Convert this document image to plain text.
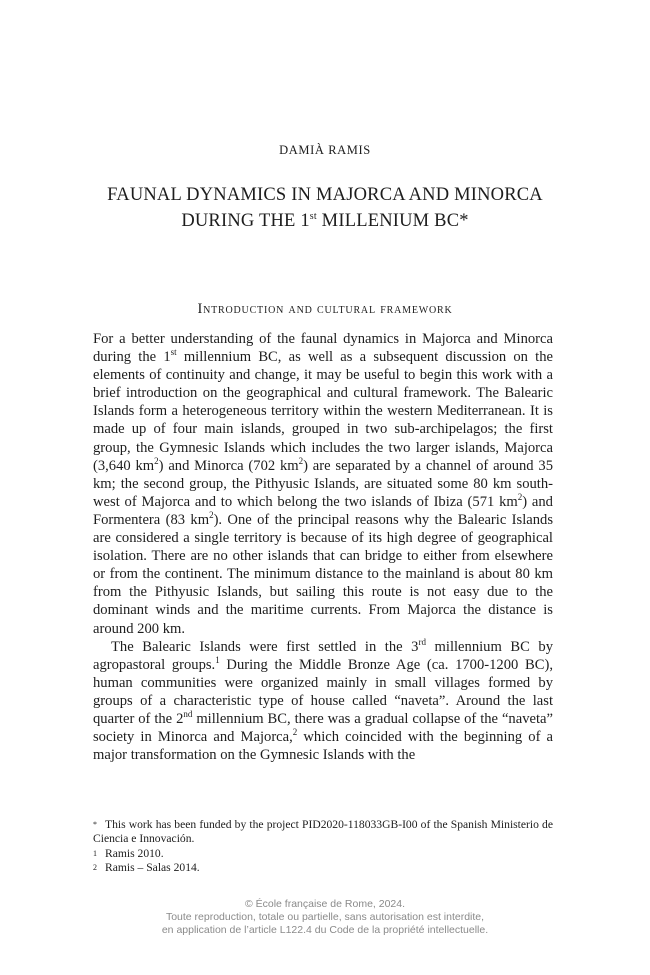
DAMIÀ RAMIS
FAUNAL DYNAMICS IN MAJORCA AND MINORCA
DURING THE 1st MILLENIUM BC*
Introduction and cultural framework

For a better understanding of the faunal dynamics in Majorca and Minorca during the 1st millennium BC, as well as a subsequent discussion on the elements of continuity and change, it may be useful to begin this work with a brief introduction on the geographical and cultural framework. The Balearic Islands form a heterogeneous territory within the western Mediterranean. It is made up of four main islands, grouped in two sub-archipelagos; the first group, the Gymnesic Islands which includes the two larger islands, Majorca (3,640 $km^2$) and Minorca (702 $km^2$) are separated by a channel of around 35 km; the second group, the Pithyusic Islands, are situated some 80 km south-west of Majorca and to which belong the two islands of Ibiza (571 $km^2$) and Formentera (83 $km^2$). One of the principal reasons why the Balearic Islands are considered a single territory is because of its high degree of geographical isolation. There are no other islands that can bridge to either from elsewhere or from the continent. The minimum distance to the mainland is about 80 km from the Pithyusic Islands, but sailing this route is not easy due to the dominant winds and the maritime currents. From Majorca the distance is around 200 km.

The Balearic Islands were first settled in the 3rd millennium BC by agropastoral groups.$^1$ During the Middle Bronze Age (ca. 1700-1200 BC), human communities were organized mainly in small villages formed by groups of a characteristic type of house called “naveta”. Around the last quarter of the 2nd millennium BC, there was a gradual collapse of the “naveta” society in Minorca and Majorca,$^2$ which coincided with the beginning of a major transformation on the Gymnesic Islands with the

* This work has been funded by the project PID2020-118033GB-I00 of the Spanish Ministerio de Ciencia e Innovación.

1 Ramis 2010.

2 Ramis – Salas 2014.

© École française de Rome, 2024.
Toute reproduction, totale ou partielle, sans autorisation est interdite,
en application de l’article L122.4 du Code de la propriété intellectuelle.
